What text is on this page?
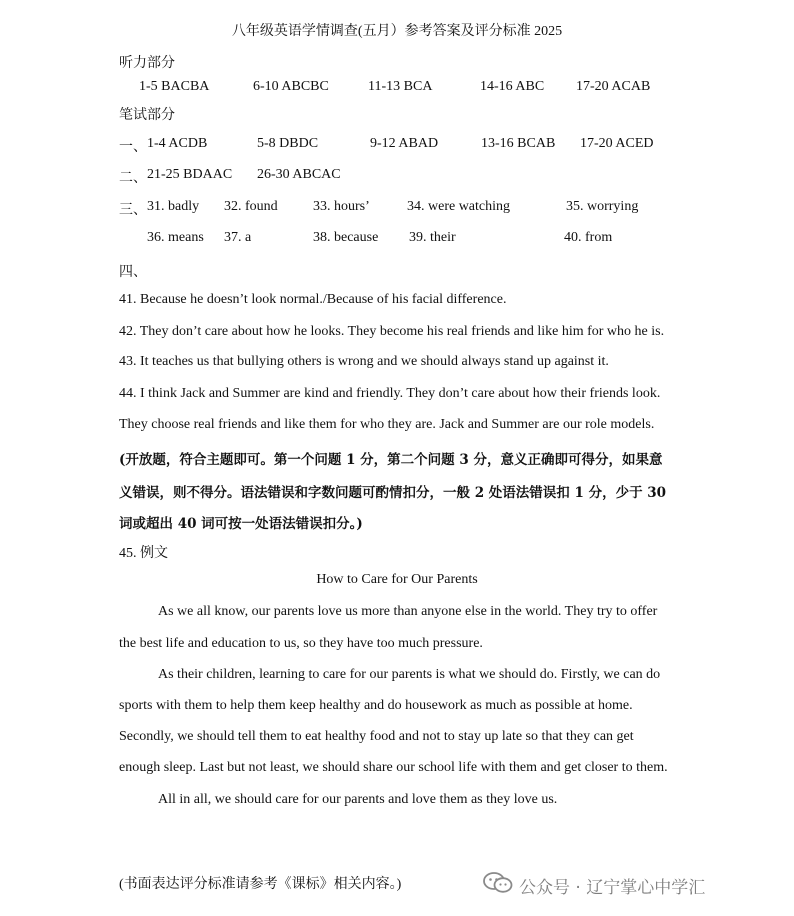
八年级英语学情调查(五月）参考答案及评分标准 2025
听力部分
1-5 BACBA	6-10 ABCBC	11-13 BCA	14-16 ABC 17-20 ACAB
笔试部分
一、 1-4 ACDB	5-8 DBDC	9-12 ABAD	13-16 BCAB 17-20 ACED
二、 21-25 BDAAC 26-30 ABCAC
三、 31. badly 32. found	33. hours’	34. were watching	35. worrying
36. means 37. a	38. because 39. their	40. from
四、
41. Because he doesn’t look normal./Because of his facial difference.
42. They don’t care about how he looks. They become his real friends and like him for who he is.
43. It teaches us that bullying others is wrong and we should always stand up against it.
44. I think Jack and Summer are kind and friendly. They don’t care about how their friends look.
They choose real friends and like them for who they are. Jack and Summer are our role models.
(开放题，符合主题即可。第一个问题 1 分，第二个问题 3 分，意义正确即可得分，如果意
义错误，则不得分。语法错误和字数问题可酌情扣分，一般 2 处语法错误扣 1 分，少于 30
词或超出 40 词可按一处语法错误扣分。)
45. 例文
How to Care for Our Parents
As we all know, our parents love us more than anyone else in the world. They try to offer
the best life and education to us, so they have too much pressure.
As their children, learning to care for our parents is what we should do. Firstly, we can do
sports with them to help them keep healthy and do housework as much as possible at home.
Secondly, we should tell them to eat healthy food and not to stay up late so that they can get
enough sleep. Last but not least, we should share our school life with them and get closer to them.
All in all, we should care for our parents and love them as they love us.
(书面表达评分标准请参考《课标》相关内容。)	公众号 · 辽宁掌心中学汇
